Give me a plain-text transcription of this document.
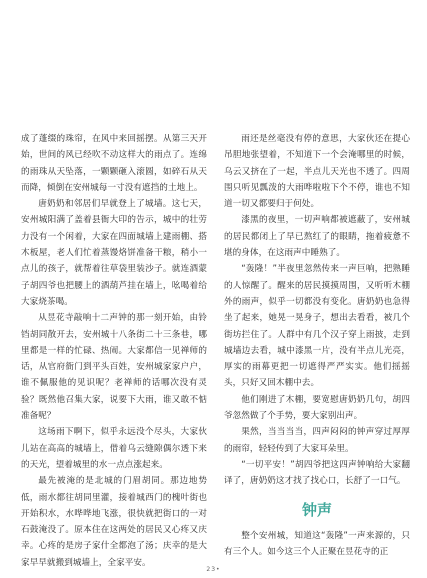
成了蓬缀的珠帘，在风中来回摇摆。从第三天开始，世间的风已经吹不动这样大的雨点了。连绵的雨珠从天坠落，一颗颗砸入滚圆，如碎石从天而降，倾倒在安州城每一寸没有遮挡的土地上。

唐奶奶和邻居们早就登上了城墙。这七天，安州城阳满了盖着县衙大印的告示，城中的壮劳力没有一个闲着，大家在四面城墙上建雨棚、搭木板屋，老人们忙着蒸馒烙饼准备干粮，稍小一点儿的孩子，就帮着往草袋里装沙子。就连酒蒙子胡四爷也把腰上的酒葫芦挂在墙上，吆喝着给大家烧茶喝。

从昱花寺敲响十二声钟的那一刻开始，由铃铛胡同散开去，安州城十八条街二十三条巷，哪里都是一样的忙碌、热闹。大家都信一见禅师的话，从官府衙门到平头百姓，安州城家家户户，谁不佩服他的见识呢？老禅师的话哪次没有灵验？既然他召集大家，说要下大雨，谁又敢不惦准备呢？

这场雨下啊下，似乎永远没个尽头，大家伙儿站在高高的城墙上，借着乌云缝隙偶尔透下来的天光，望着城里的水一点点涨起来。

最先被淹的是北城的门眉胡同。那边地势低，雨水都往胡同里灌，接着城西门的槐叶街也开始积水，水哗哗地飞涨，很快就把街口的一对石鼓淹没了。原本住在这两处的居民又心疼又庆幸。心疼的是房子家什全都泡了汤；庆幸的是大家早早就搬到城墙上，全家平安。

雨还是丝毫没有停的意思，大家伙还在提心吊胆地张望着，不知道下一个会淹哪里的时候，乌云又挤在了一起，半点儿天光也不透了。四周围只听见瓢泼的大雨哗啦啦下个不停，谁也不知道一切又都要归于何处。

漆黑的夜里，一切声响都被遮蔽了，安州城的居民都闭上了早已熬红了的眼睛，拖着疲惫不堪的身体，在这雨声中睡熟了。

“轰隆！”半夜里忽然传来一声巨响，把熟睡的人惊醒了。醒来的居民摸摸周围，又听听木棚外的雨声，似乎一切都没有变化。唐奶奶也急得坐了起来，她晃一晃身子，想出去看看，被几个街坊拦住了。人群中有几个汉子穿上雨披，走到城墙边去看，城中漆黑一片，没有半点儿光亮，厚实的雨幕更把一切遮得严严实实。他们摇摇头，只好又回木棚中去。

他们刚进了木棚，要宽慰唐奶奶几句，胡四爷忽然做了个手势，要大家别出声。

果然，当当当当，四声闷闷的钟声穿过厚厚的雨帘，轻轻传到了大家耳朵里。

“一切平安！”胡四爷把这四声钟响给大家翻译了，唐奶奶这才找了找心口，长舒了一口气。

钟声

整个安州城，知道这“轰隆”一声来源的，只有三个人。如今这三个人正聚在昱花寺的正

23•
